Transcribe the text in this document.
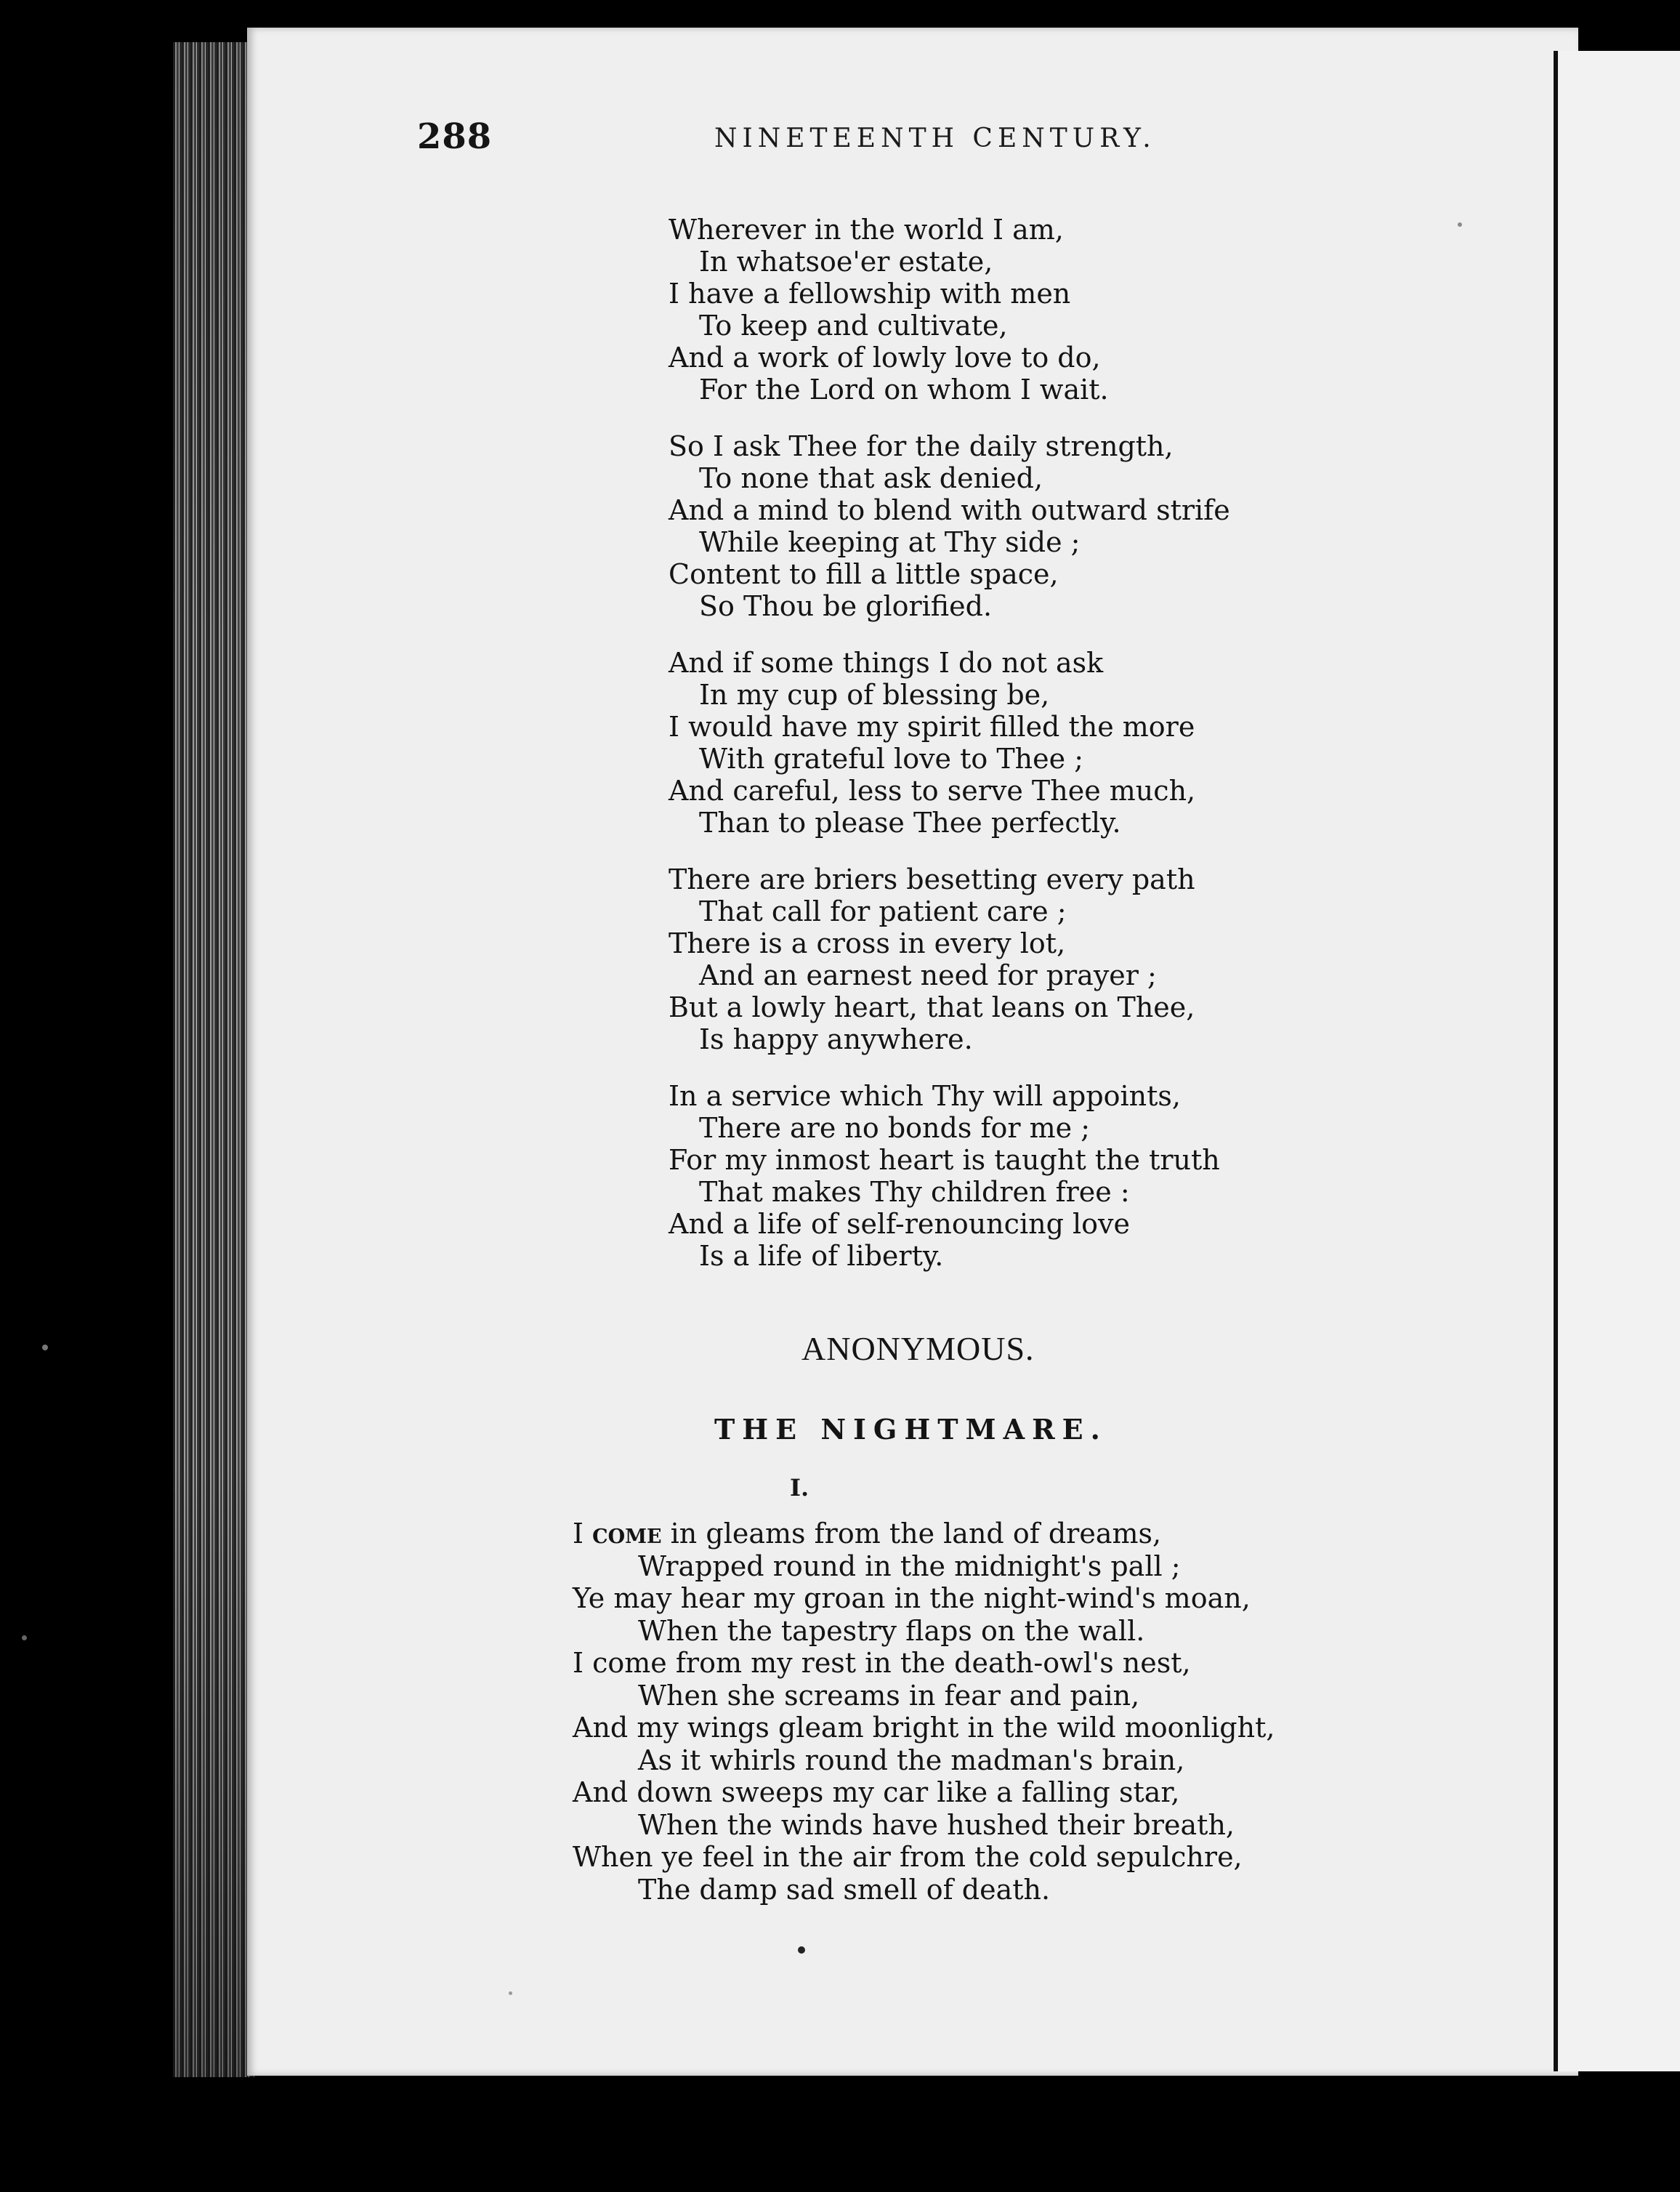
288	NINETEENTH CENTURY.
Wherever in the world I am,
In whatsoe'er estate,
I have a fellowship with men
To keep and cultivate,
And a work of lowly love to do,
For the Lord on whom I wait.
So I ask Thee for the daily strength,
To none that ask denied,
And a mind to blend with outward strife
While keeping at Thy side ;
Content to fill a little space,
So Thou be glorified.
And if some things I do not ask
In my cup of blessing be,
I would have my spirit filled the more
With grateful love to Thee ;
And careful, less to serve Thee much,
Than to please Thee perfectly.
There are briers besetting every path
That call for patient care ;
There is a cross in every lot,
And an earnest need for prayer ;
But a lowly heart, that leans on Thee,
Is happy anywhere.
In a service which Thy will appoints,
There are no bonds for me ;
For my inmost heart is taught the truth
That makes Thy children free :
And a life of self-renouncing love
Is a life of liberty.
ANONYMOUS.
THE NIGHTMARE.
I.
I come in gleams from the land of dreams,
Wrapped round in the midnight's pall ;
Ye may hear my groan in the night-wind's moan,
When the tapestry flaps on the wall.
I come from my rest in the death-owl's nest,
When she screams in fear and pain,
And my wings gleam bright in the wild moonlight,
As it whirls round the madman's brain,
And down sweeps my car like a falling star,
When the winds have hushed their breath,
When ye feel in the air from the cold sepulchre,
The damp sad smell of death.
